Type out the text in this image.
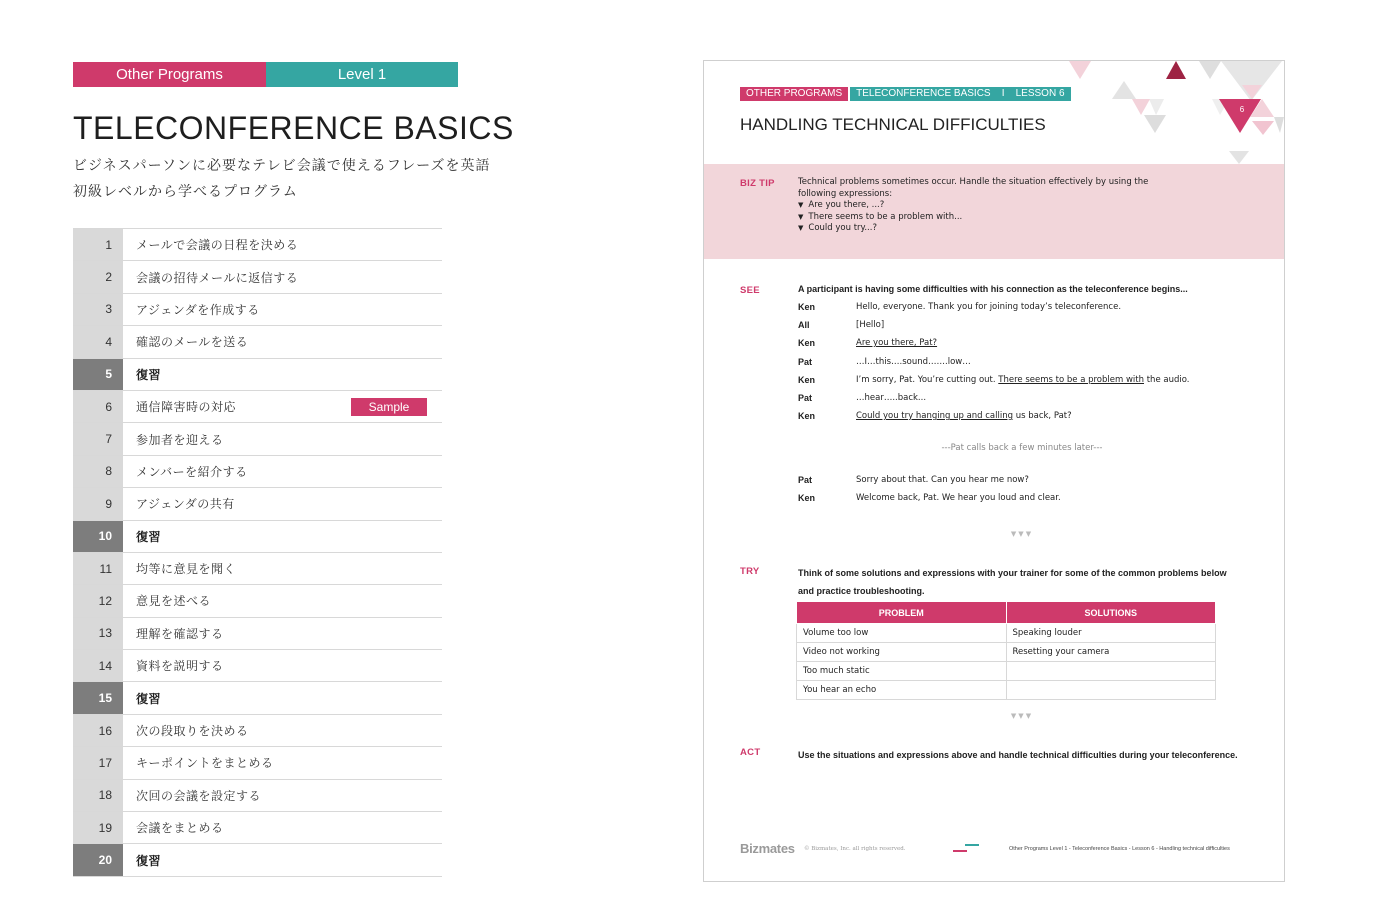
Other Programs	Level 1
TELECONFERENCE BASICS
ビジネスパーソンに必要なテレビ会議で使えるフレーズを英語初級レベルから学べるプログラム
1	メールで会議の日程を決める
2	会議の招待メールに返信する
3	アジェンダを作成する
4	確認のメールを送る
5	復習
6	通信障害時の対応	Sample
7	参加者を迎える
8	メンバーを紹介する
9	アジェンダの共有
10	復習
11	均等に意見を聞く
12	意見を述べる
13	理解を確認する
14	資料を説明する
15	復習
16	次の段取りを決める
17	キーポイントをまとめる
18	次回の会議を設定する
19	会議をまとめる
20	復習
6
OTHER PROGRAMS	TELECONFERENCE BASICS    I    LESSON 6
HANDLING TECHNICAL DIFFICULTIES
BIZ TIP	Technical problems sometimes occur. Handle the situation effectively by using the
following expressions:
▼ Are you there, ...?
▼ There seems to be a problem with...
▼ Could you try...?
SEE	A participant is having some difficulties with his connection as the teleconference begins...
Ken	Hello, everyone. Thank you for joining today’s teleconference.
All	[Hello]
Ken	Are you there, Pat?
Pat	…I…this….sound…….low…
Ken	I’m sorry, Pat. You’re cutting out. There seems to be a problem with the audio.
Pat	…hear…..back...
Ken	Could you try hanging up and calling us back, Pat?
---Pat calls back a few minutes later---
Pat	Sorry about that. Can you hear me now?
Ken	Welcome back, Pat. We hear you loud and clear.
▼▼▼
TRY	Think of some solutions and expressions with your trainer for some of the common problems below and practice troubleshooting.
PROBLEM	SOLUTIONS
Volume too low	Speaking louder
Video not working	Resetting your camera
Too much static	
You hear an echo	
▼▼▼
ACT	Use the situations and expressions above and handle technical difficulties during your teleconference.
Bizmates © Bizmates, Inc. all rights reserved.	Other Programs Level 1 - Teleconference Basics - Lesson 6 - Handling technical difficulties
